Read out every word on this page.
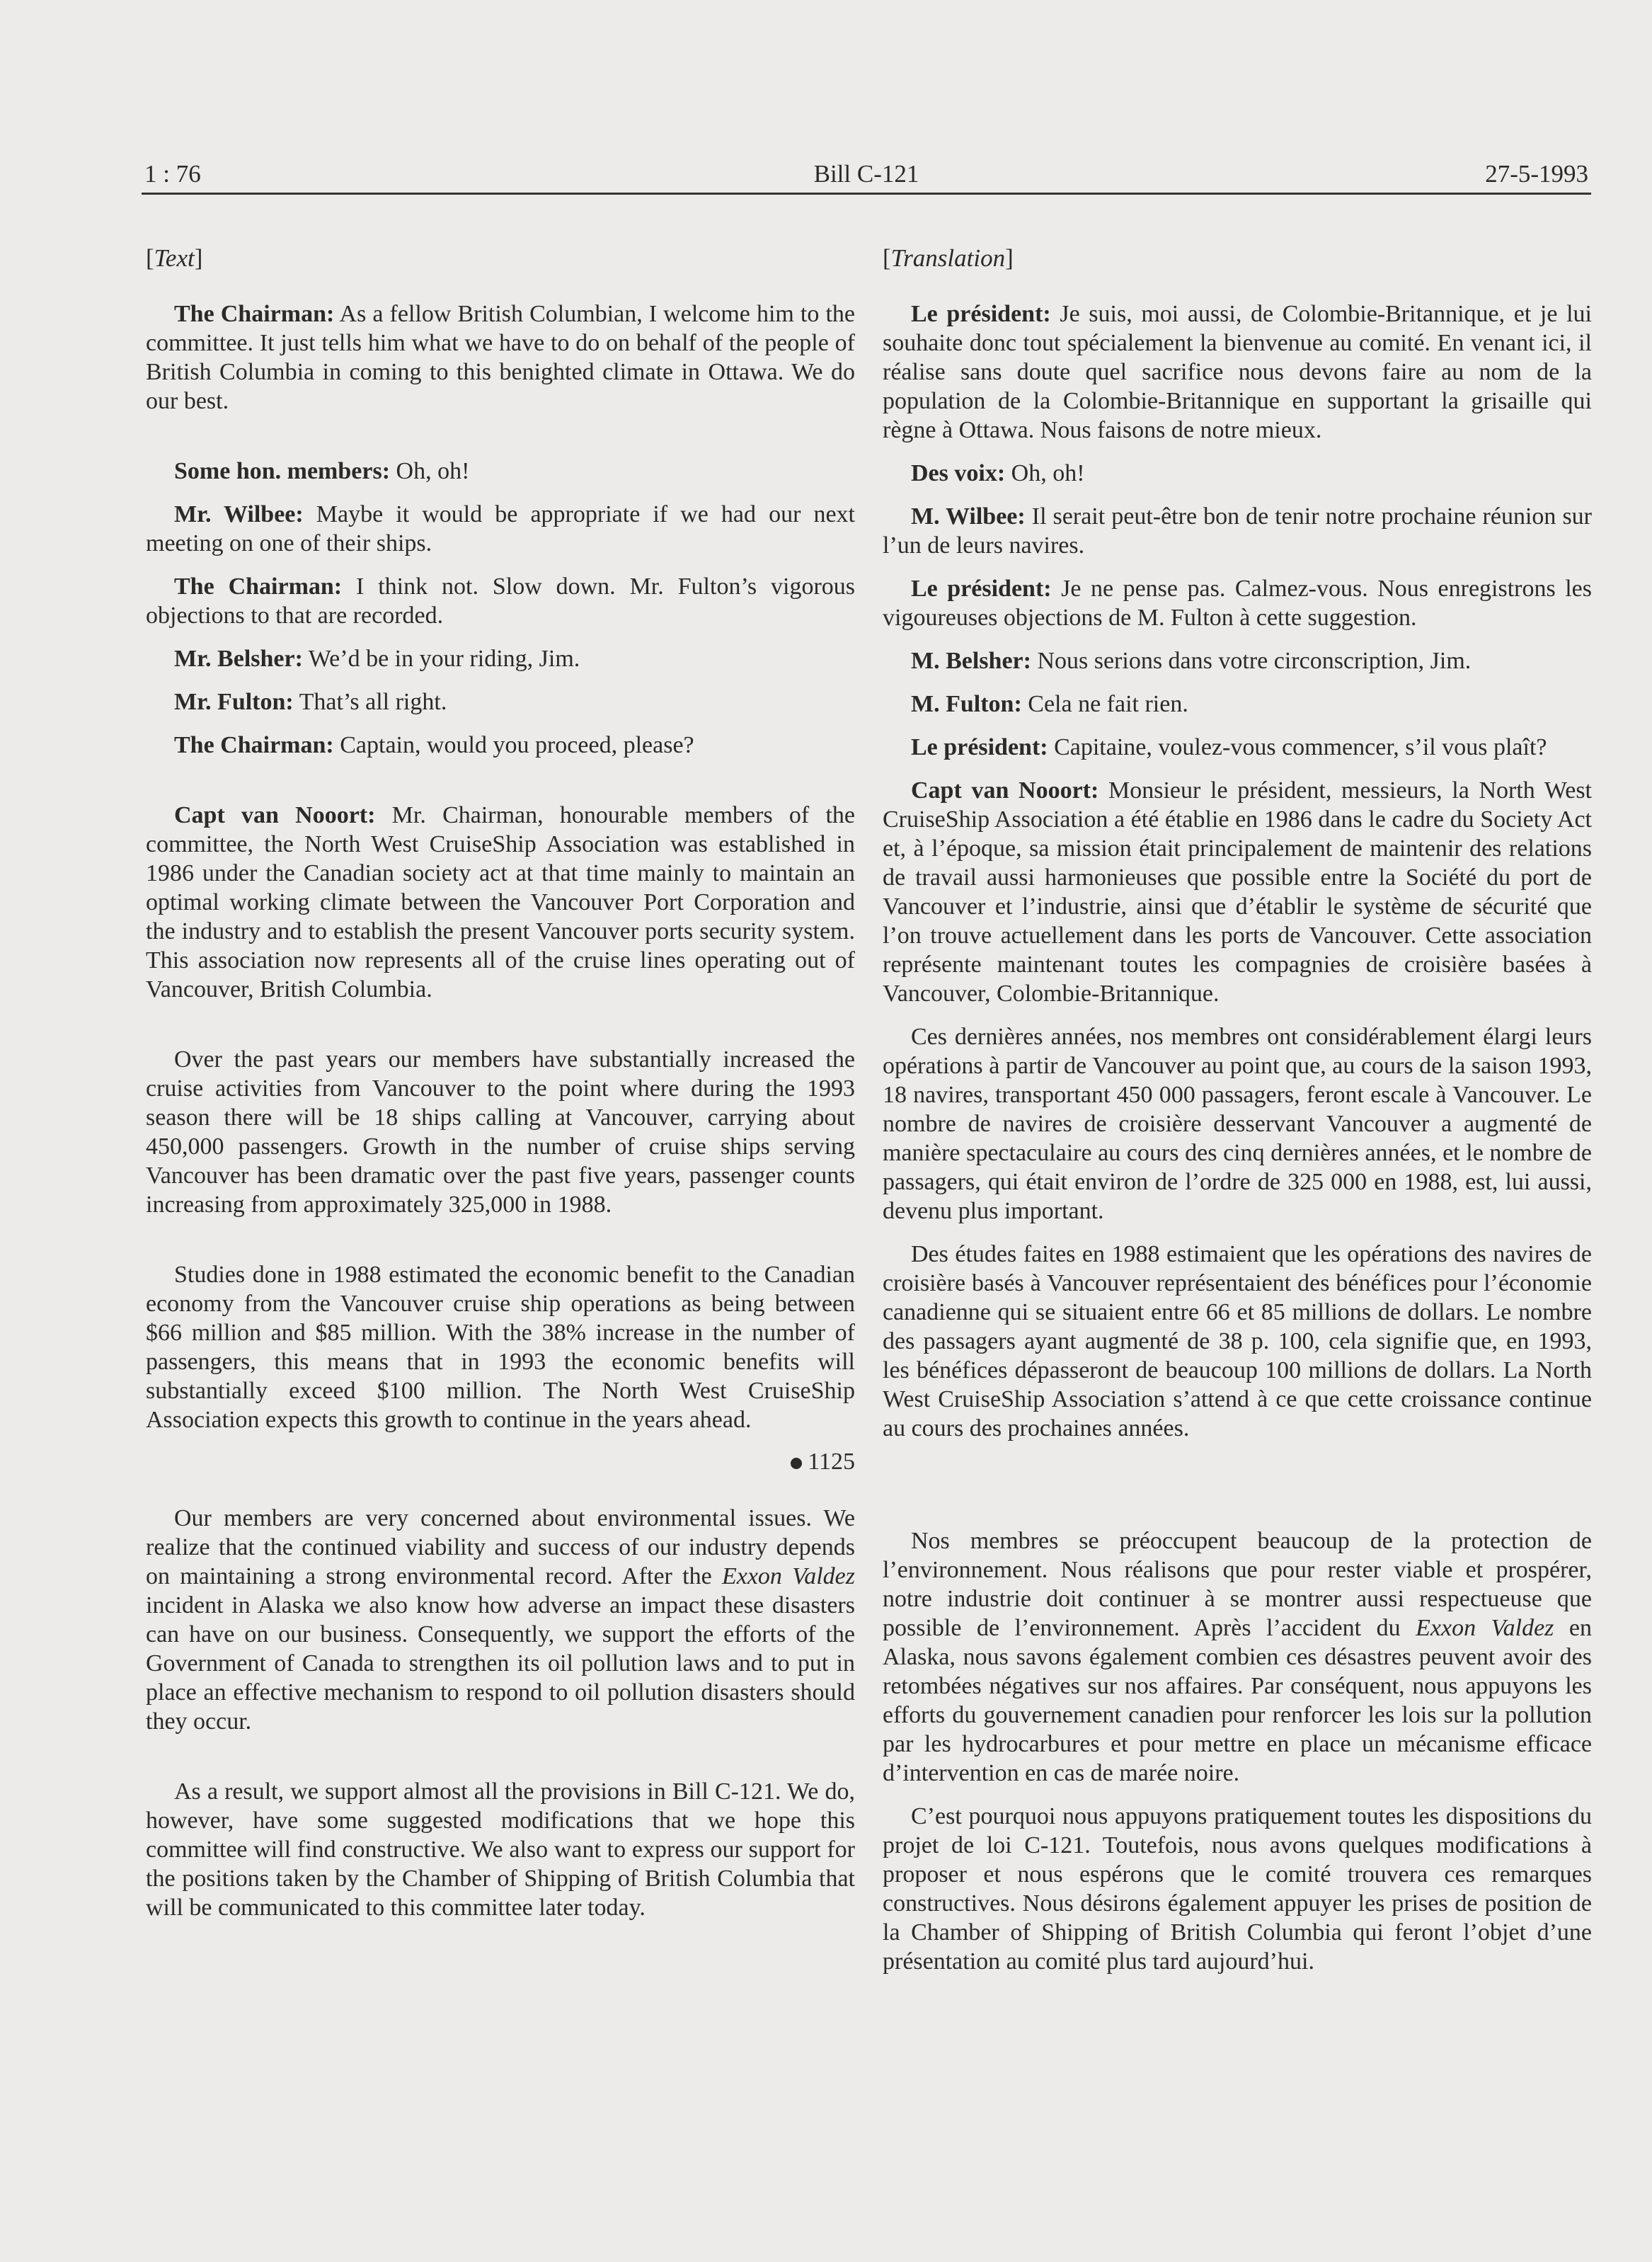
1 : 76	Bill C-121	27-5-1993

[Text]

The Chairman: As a fellow British Columbian, I welcome him to the committee. It just tells him what we have to do on behalf of the people of British Columbia in coming to this benighted climate in Ottawa. We do our best.

Some hon. members: Oh, oh!

Mr. Wilbee: Maybe it would be appropriate if we had our next meeting on one of their ships.

The Chairman: I think not. Slow down. Mr. Fulton’s vigorous objections to that are recorded.

Mr. Belsher: We’d be in your riding, Jim.

Mr. Fulton: That’s all right.

The Chairman: Captain, would you proceed, please?

Capt van Nooort: Mr. Chairman, honourable members of the committee, the North West CruiseShip Association was established in 1986 under the Canadian society act at that time mainly to maintain an optimal working climate between the Vancouver Port Corporation and the industry and to establish the present Vancouver ports security system. This association now represents all of the cruise lines operating out of Vancouver, British Columbia.

Over the past years our members have substantially increased the cruise activities from Vancouver to the point where during the 1993 season there will be 18 ships calling at Vancouver, carrying about 450,000 passengers. Growth in the number of cruise ships serving Vancouver has been dramatic over the past five years, passenger counts increasing from approximately 325,000 in 1988.

Studies done in 1988 estimated the economic benefit to the Canadian economy from the Vancouver cruise ship operations as being between $66 million and $85 million. With the 38% increase in the number of passengers, this means that in 1993 the economic benefits will substantially exceed $100 million. The North West CruiseShip Association expects this growth to continue in the years ahead.

1125

Our members are very concerned about environmental issues. We realize that the continued viability and success of our industry depends on maintaining a strong environmental record. After the Exxon Valdez incident in Alaska we also know how adverse an impact these disasters can have on our business. Consequently, we support the efforts of the Government of Canada to strengthen its oil pollution laws and to put in place an effective mechanism to respond to oil pollution disasters should they occur.

As a result, we support almost all the provisions in Bill C-121. We do, however, have some suggested modifications that we hope this committee will find constructive. We also want to express our support for the positions taken by the Chamber of Shipping of British Columbia that will be communicated to this committee later today.

[Translation]

Le président: Je suis, moi aussi, de Colombie-Britannique, et je lui souhaite donc tout spécialement la bienvenue au comité. En venant ici, il réalise sans doute quel sacrifice nous devons faire au nom de la population de la Colombie-Britannique en supportant la grisaille qui règne à Ottawa. Nous faisons de notre mieux.

Des voix: Oh, oh!

M. Wilbee: Il serait peut-être bon de tenir notre prochaine réunion sur l’un de leurs navires.

Le président: Je ne pense pas. Calmez-vous. Nous enregistrons les vigoureuses objections de M. Fulton à cette suggestion.

M. Belsher: Nous serions dans votre circonscription, Jim.

M. Fulton: Cela ne fait rien.

Le président: Capitaine, voulez-vous commencer, s’il vous plaît?

Capt van Nooort: Monsieur le président, messieurs, la North West CruiseShip Association a été établie en 1986 dans le cadre du Society Act et, à l’époque, sa mission était principalement de maintenir des relations de travail aussi harmonieuses que possible entre la Société du port de Vancouver et l’industrie, ainsi que d’établir le système de sécurité que l’on trouve actuellement dans les ports de Vancouver. Cette association représente maintenant toutes les compagnies de croisière basées à Vancouver, Colombie-Britannique.

Ces dernières années, nos membres ont considérablement élargi leurs opérations à partir de Vancouver au point que, au cours de la saison 1993, 18 navires, transportant 450 000 passagers, feront escale à Vancouver. Le nombre de navires de croisière desservant Vancouver a augmenté de manière spectaculaire au cours des cinq dernières années, et le nombre de passagers, qui était environ de l’ordre de 325 000 en 1988, est, lui aussi, devenu plus important.

Des études faites en 1988 estimaient que les opérations des navires de croisière basés à Vancouver représentaient des bénéfices pour l’économie canadienne qui se situaient entre 66 et 85 millions de dollars. Le nombre des passagers ayant augmenté de 38 p. 100, cela signifie que, en 1993, les bénéfices dépasseront de beaucoup 100 millions de dollars. La North West CruiseShip Association s’attend à ce que cette croissance continue au cours des prochaines années.

Nos membres se préoccupent beaucoup de la protection de l’environnement. Nous réalisons que pour rester viable et prospérer, notre industrie doit continuer à se montrer aussi respectueuse que possible de l’environnement. Après l’accident du Exxon Valdez en Alaska, nous savons également combien ces désastres peuvent avoir des retombées négatives sur nos affaires. Par conséquent, nous appuyons les efforts du gouvernement canadien pour renforcer les lois sur la pollution par les hydrocarbures et pour mettre en place un mécanisme efficace d’intervention en cas de marée noire.

C’est pourquoi nous appuyons pratiquement toutes les dispositions du projet de loi C-121. Toutefois, nous avons quelques modifications à proposer et nous espérons que le comité trouvera ces remarques constructives. Nous désirons également appuyer les prises de position de la Chamber of Shipping of British Columbia qui feront l’objet d’une présentation au comité plus tard aujourd’hui.
